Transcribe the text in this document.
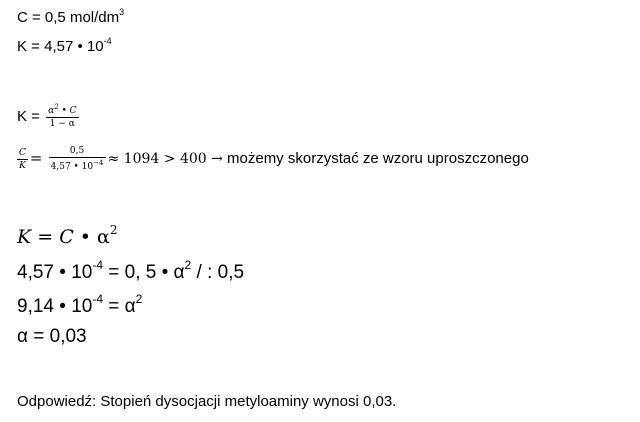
C = 0,5 mol/$dm^3$
K = 4,57 • $10^{-4}$
$K = \frac{\alpha^2 • C}{1 - \alpha}$
$\frac{C}{K} = \frac{0,5}{4,57 • 10^{-4}} \approx 1094 > 400$ → możemy skorzystać ze wzoru uproszczonego
K = C • $\alpha^2$
4,57 • $10^{-4} = 0$, 5 • $\alpha^2$ / : 0,5
9,14 • $10^{-4} = \alpha^2$
α = 0,03
Odpowiedź: Stopień dysocjacji metyloaminy wynosi 0,03.
